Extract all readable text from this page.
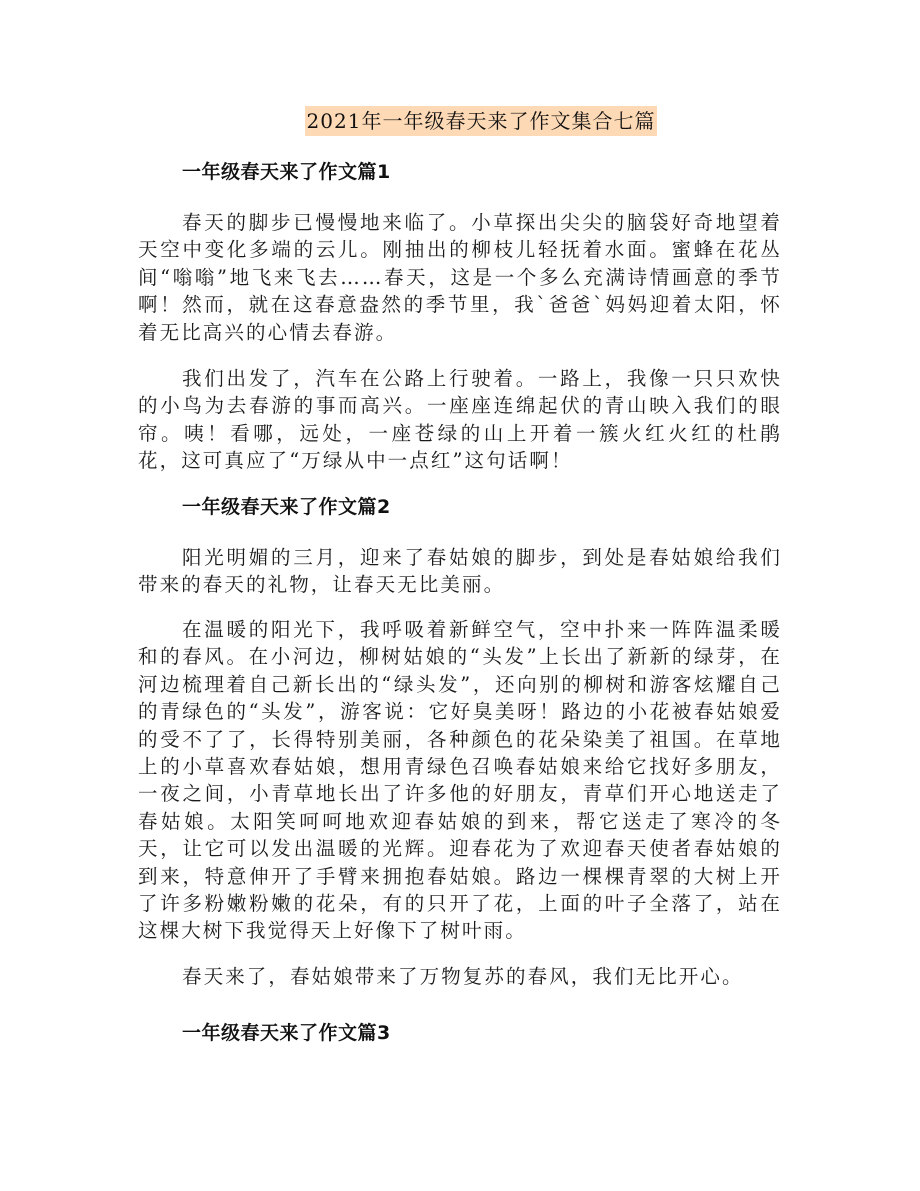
2021年一年级春天来了作文集合七篇
一年级春天来了作文篇1

春天的脚步已慢慢地来临了。小草探出尖尖的脑袋好奇地望着天空中变化多端的云儿。刚抽出的柳枝儿轻抚着水面。蜜蜂在花丛间“嗡嗡”地飞来飞去……春天，这是一个多么充满诗情画意的季节啊！然而，就在这春意盎然的季节里，我`爸爸`妈妈迎着太阳，怀着无比高兴的心情去春游。

我们出发了，汽车在公路上行驶着。一路上，我像一只只欢快的小鸟为去春游的事而高兴。一座座连绵起伏的青山映入我们的眼帘。咦！看哪，远处，一座苍绿的山上开着一簇火红火红的杜鹃花，这可真应了“万绿从中一点红”这句话啊！

一年级春天来了作文篇2

阳光明媚的三月，迎来了春姑娘的脚步，到处是春姑娘给我们带来的春天的礼物，让春天无比美丽。

在温暖的阳光下，我呼吸着新鲜空气，空中扑来一阵阵温柔暖和的春风。在小河边，柳树姑娘的“头发”上长出了新新的绿芽，在河边梳理着自己新长出的“绿头发”，还向别的柳树和游客炫耀自己的青绿色的“头发”，游客说：它好臭美呀！路边的小花被春姑娘爱的受不了了，长得特别美丽，各种颜色的花朵染美了祖国。在草地上的小草喜欢春姑娘，想用青绿色召唤春姑娘来给它找好多朋友，一夜之间，小青草地长出了许多他的好朋友，青草们开心地送走了春姑娘。太阳笑呵呵地欢迎春姑娘的到来，帮它送走了寒冷的冬天，让它可以发出温暖的光辉。迎春花为了欢迎春天使者春姑娘的到来，特意伸开了手臂来拥抱春姑娘。路边一棵棵青翠的大树上开了许多粉嫩粉嫩的花朵，有的只开了花，上面的叶子全落了，站在这棵大树下我觉得天上好像下了树叶雨。

春天来了，春姑娘带来了万物复苏的春风，我们无比开心。

一年级春天来了作文篇3
